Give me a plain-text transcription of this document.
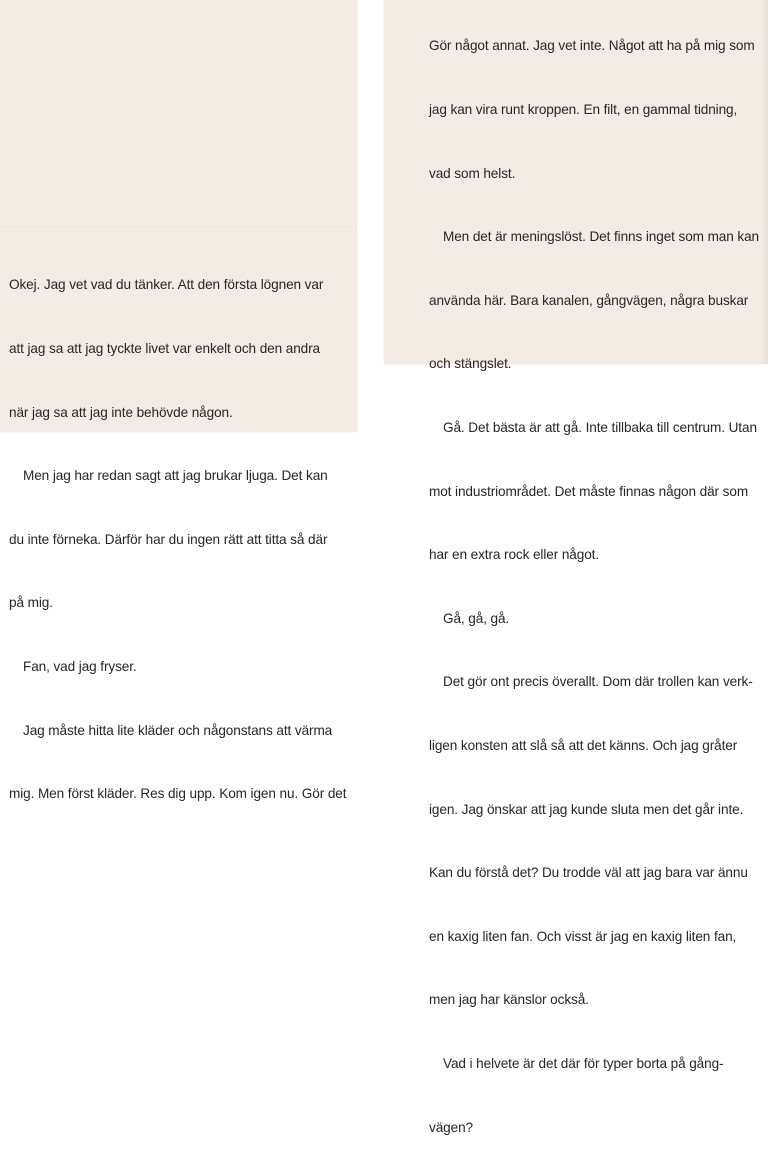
Okej. Jag vet vad du tänker. Att den första lögnen var

att jag sa att jag tyckte livet var enkelt och den andra

när jag sa att jag inte behövde någon.

Men jag har redan sagt att jag brukar ljuga. Det kan

du inte förneka. Därför har du ingen rätt att titta så där

på mig.

Fan, vad jag fryser.

Jag måste hitta lite kläder och någonstans att värma

mig. Men först kläder. Res dig upp. Kom igen nu. Gör det

Gör något annat. Jag vet inte. Något att ha på mig som

jag kan vira runt kroppen. En filt, en gammal tidning,

vad som helst.

Men det är meningslöst. Det finns inget som man kan

använda här. Bara kanalen, gångvägen, några buskar

och stängslet.

Gå. Det bästa är att gå. Inte tillbaka till centrum. Utan

mot industriområdet. Det måste finnas någon där som

har en extra rock eller något.

Gå, gå, gå.

Det gör ont precis överallt. Dom där trollen kan verk-

ligen konsten att slå så att det känns. Och jag gråter

igen. Jag önskar att jag kunde sluta men det går inte.

Kan du förstå det? Du trodde väl att jag bara var ännu

en kaxig liten fan. Och visst är jag en kaxig liten fan,

men jag har känslor också.

Vad i helvete är det där för typer borta på gång-

vägen?
